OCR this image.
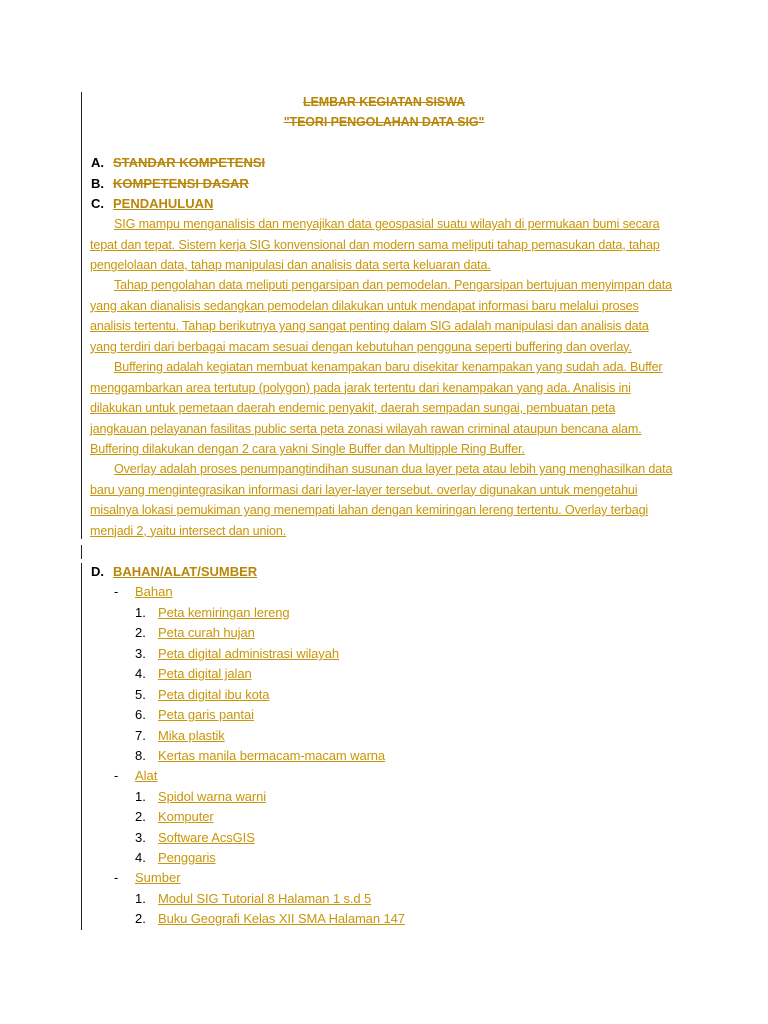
LEMBAR KEGIATAN SISWA
"TEORI PENGOLAHAN DATA SIG"
A. STANDAR KOMPETENSI
B. KOMPETENSI DASAR
C. PENDAHULUAN
SIG mampu menganalisis dan menyajikan data geospasial suatu wilayah di permukaan bumi secara
tepat dan tepat. Sistem kerja SIG konvensional dan modern sama meliputi tahap pemasukan data, tahap
pengelolaan data, tahap manipulasi dan analisis data serta keluaran data.
Tahap pengolahan data meliputi pengarsipan dan pemodelan. Pengarsipan bertujuan menyimpan data
yang akan dianalisis sedangkan pemodelan dilakukan untuk mendapat informasi baru melalui proses
analisis tertentu. Tahap berikutnya yang sangat penting dalam SIG adalah manipulasi dan analisis data
yang terdiri dari berbagai macam sesuai dengan kebutuhan pengguna seperti buffering dan overlay.
Buffering adalah kegiatan membuat kenampakan baru disekitar kenampakan yang sudah ada. Buffer
menggambarkan area tertutup (polygon) pada jarak tertentu dari kenampakan yang ada. Analisis ini
dilakukan untuk pemetaan daerah endemic penyakit, daerah sempadan sungai, pembuatan peta
jangkauan pelayanan fasilitas public serta peta zonasi wilayah rawan criminal ataupun bencana alam.
Buffering dilakukan dengan 2 cara yakni Single Buffer dan Multipple Ring Buffer.
Overlay adalah proses penumpangtindihan susunan dua layer peta atau lebih yang menghasilkan data
baru yang mengintegrasikan informasi dari layer-layer tersebut. overlay digunakan untuk mengetahui
misalnya lokasi pemukiman yang menempati lahan dengan kemiringan lereng tertentu. Overlay terbagi
menjadi 2, yaitu intersect dan union.
D. BAHAN/ALAT/SUMBER
- Bahan
1. Peta kemiringan lereng
2. Peta curah hujan
3. Peta digital administrasi wilayah
4. Peta digital jalan
5. Peta digital ibu kota
6. Peta garis pantai
7. Mika plastik
8. Kertas manila bermacam-macam warna
- Alat
1. Spidol warna warni
2. Komputer
3. Software AcsGIS
4. Penggaris
- Sumber
1. Modul SIG Tutorial 8 Halaman 1 s.d 5
2. Buku Geografi Kelas XII SMA Halaman 147
